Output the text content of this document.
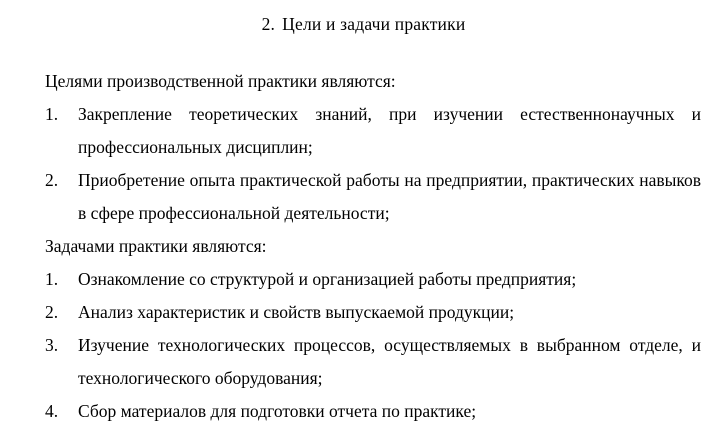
2. Цели и задачи практики

Целями производственной практики являются:

1.	Закрепление теоретических знаний, при изучении естественнонаучных и профессиональных дисциплин;
2.	Приобретение опыта практической работы на предприятии, практических навыков в сфере профессиональной деятельности;

Задачами практики являются:

1.	Ознакомление со структурой и организацией работы предприятия;
2.	Анализ характеристик и свойств выпускаемой продукции;
3.	Изучение технологических процессов, осуществляемых в выбранном отделе, и технологического оборудования;
4.	Сбор материалов для подготовки отчета по практике;
